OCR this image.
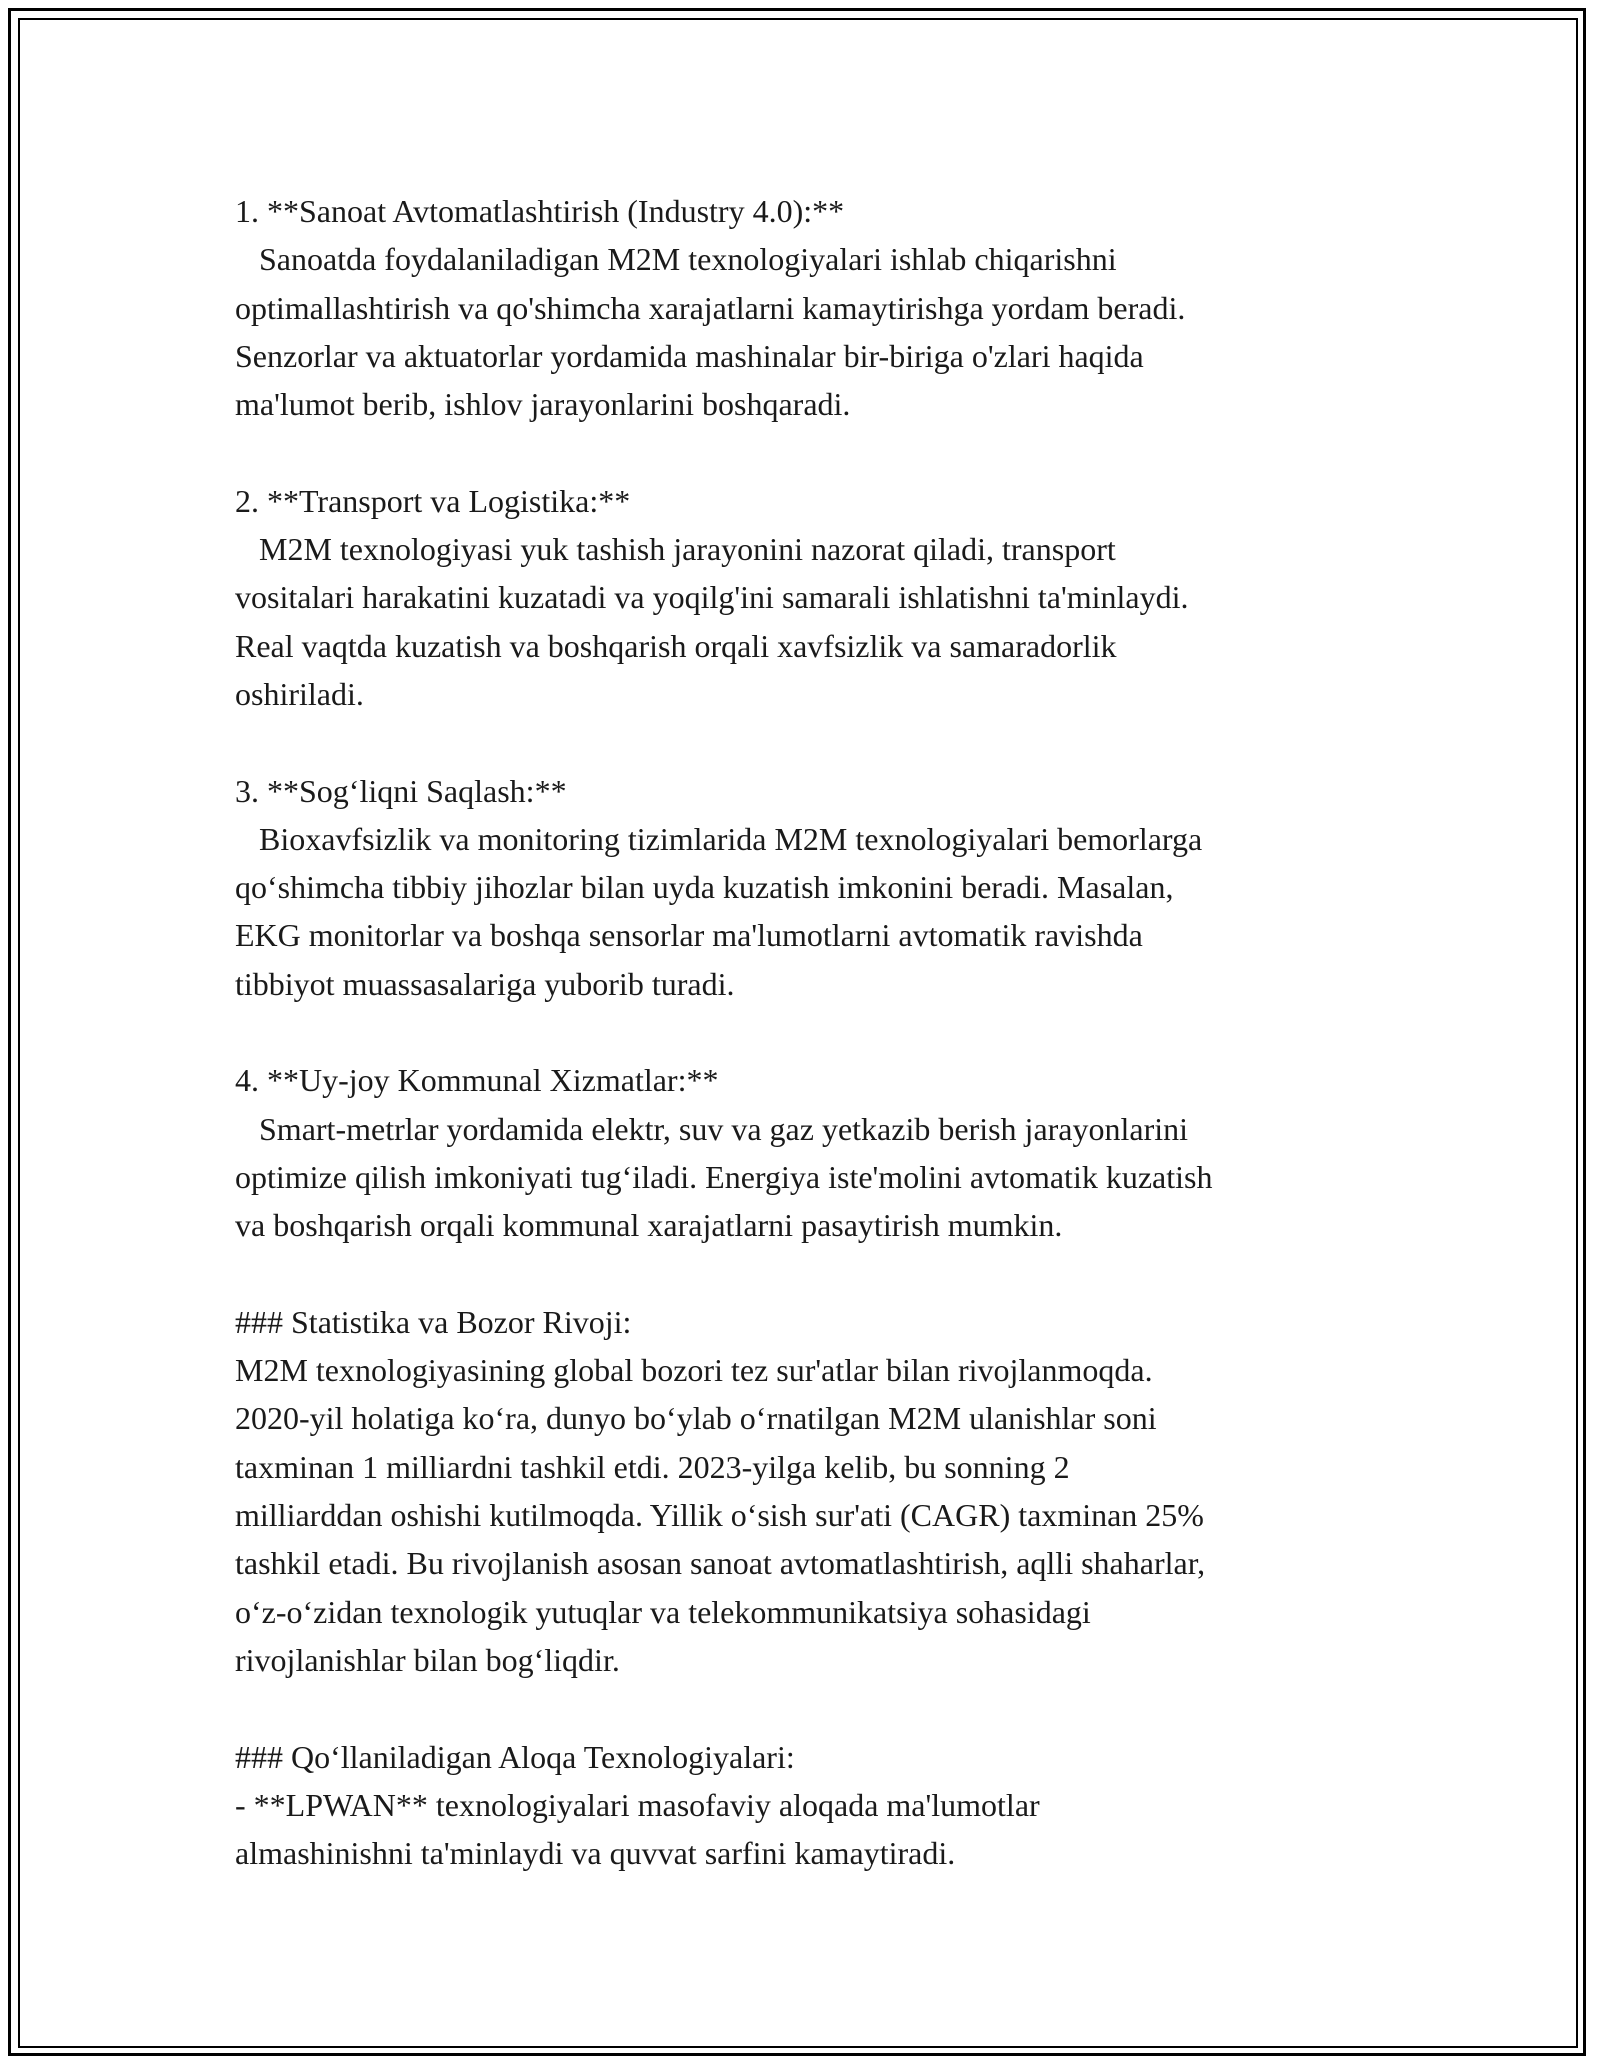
1. **Sanoat Avtomatlashtirish (Industry 4.0):**

Sanoatda foydalaniladigan M2M texnologiyalari ishlab chiqarishni

optimallashtirish va qo'shimcha xarajatlarni kamaytirishga yordam beradi.

Senzorlar va aktuatorlar yordamida mashinalar bir-biriga o'zlari haqida

ma'lumot berib, ishlov jarayonlarini boshqaradi.

2. **Transport va Logistika:**

M2M texnologiyasi yuk tashish jarayonini nazorat qiladi, transport

vositalari harakatini kuzatadi va yoqilg'ini samarali ishlatishni ta'minlaydi.

Real vaqtda kuzatish va boshqarish orqali xavfsizlik va samaradorlik

oshiriladi.

3. **Sog‘liqni Saqlash:**

Bioxavfsizlik va monitoring tizimlarida M2M texnologiyalari bemorlarga

qo‘shimcha tibbiy jihozlar bilan uyda kuzatish imkonini beradi. Masalan,

EKG monitorlar va boshqa sensorlar ma'lumotlarni avtomatik ravishda

tibbiyot muassasalariga yuborib turadi.

4. **Uy-joy Kommunal Xizmatlar:**

Smart-metrlar yordamida elektr, suv va gaz yetkazib berish jarayonlarini

optimize qilish imkoniyati tug‘iladi. Energiya iste'molini avtomatik kuzatish

va boshqarish orqali kommunal xarajatlarni pasaytirish mumkin.

### Statistika va Bozor Rivoji:

M2M texnologiyasining global bozori tez sur'atlar bilan rivojlanmoqda.

2020-yil holatiga ko‘ra, dunyo bo‘ylab o‘rnatilgan M2M ulanishlar soni

taxminan 1 milliardni tashkil etdi. 2023-yilga kelib, bu sonning 2

milliarddan oshishi kutilmoqda. Yillik o‘sish sur'ati (CAGR) taxminan 25%

tashkil etadi. Bu rivojlanish asosan sanoat avtomatlashtirish, aqlli shaharlar,

o‘z-o‘zidan texnologik yutuqlar va telekommunikatsiya sohasidagi

rivojlanishlar bilan bog‘liqdir.

### Qo‘llaniladigan Aloqa Texnologiyalari:

- **LPWAN** texnologiyalari masofaviy aloqada ma'lumotlar

almashinishni ta'minlaydi va quvvat sarfini kamaytiradi.
